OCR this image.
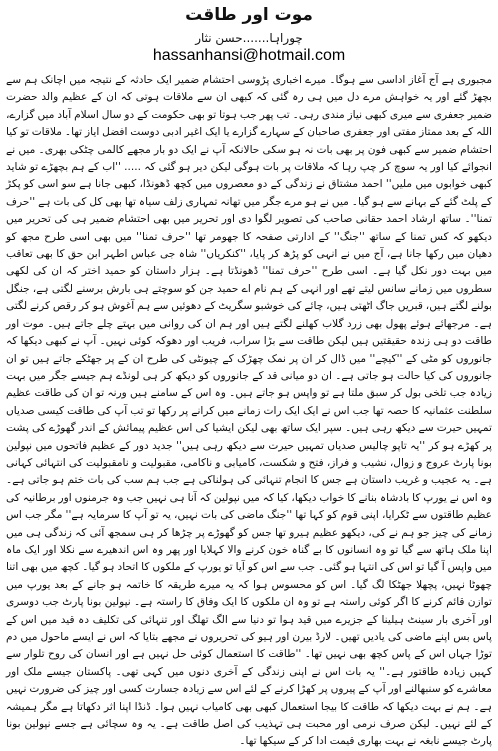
موت اور طاقت
چوراہا.......حسن نثار
hassanhansi@hotmail.com

مجبوری ہے آج آغاز اداسی سے ہوگا۔ میرے اخباری پڑوسی احتشام ضمیر ایک حادثہ کے نتیجہ میں اچانک ہم سے بچھڑ گئے اور یہ خواہش مرے دل میں ہی رہ گئی کہ کبھی ان سے ملاقات ہوتی کہ ان کے عظیم والد حضرت ضمیر جعفری سے میری کبھی نیاز مندی رہی۔ تب پھر جب ہوتا تو بھی حکومت کے دو سال اسلام آباد میں گزارے، اللہ کے بعد ممتاز مفتی اور جعفری صاحبان کے سہارے گزارے یا ایک اغیر ادبی دوست افضل ایاز تھا۔ ملاقات تو کیا احتشام ضمیر سے کبھی فون پر بھی بات نہ ہو سکی حالانکہ آپ نے ایک دو بار مجھے کالمی چٹکی بھری۔ میں نے انجوائے کیا اور یہ سوچ کر چپ رہا کہ ملاقات پر بات ہوگی لیکن دیر ہو گئی کہ ..... ''اب کے ہم بچھڑے تو شاید کبھی خوابوں میں ملیں'' احمد مشتاق نے زندگی کے دو معصروں میں کچھ ڈھونڈا، کبھی جانا ہے سو اسی کو پکڑ کے پلٹ گئے کے بہانے سے ہو گیا۔ میں نے ہو مرے جگر میں تھانہ تمہاری زلف سیاہ تھا بھی کل کی بات ہے ''حرف تمنا''۔ ساتھ ارشاد احمد حقانی صاحب کی تصویر لگوا دی اور تحریر میں بھی احتشام ضمیر ہی کی تحریر میں دیکھو کہ کس تمنا کے ساتھ ''جنگ'' کے ادارتی صفحہ کا جھومر تھا ''حرف تمنا'' میں بھی اسی طرح مجھ کو دھیان میں رکھا جانا ہے، آج میں نے انہی کو پڑھ کر پایا، ''کنکریاں'' شاہ جی عباس اطہر ابن حق کا بھی تعاقب میں بہت دور نکل گیا ہے۔ اسی طرح ''حرف تمنا'' ڈھونڈتا ہے۔ ہزار داستان کو حمید اختر کہ ان کی لکھی سطروں میں زمانے سانس لیتے تھے اور انہی کے ہم نام اے حمید جن کو سوچتے ہی بارش برسنے لگتی ہے، جنگل بولنے لگتے ہیں، قبریں جاگ اٹھتی ہیں، چائے کی خوشبو سگریٹ کے دھوئیں سے ہم آغوش ہو کر رقص کرنے لگتی ہے۔ مرجھائے ہوئے پھول بھی زرد گلاب کھلنے لگتے ہیں اور ہم ان کی روانی میں بہتے چلے جاتے ہیں۔ موت اور طاقت دو ہی زندہ حقیقتیں ہیں لیکن طاقت سے بڑا سراب، فریب اور دھوکہ کوئی نہیں۔ آپ نے کبھی دیکھا کہ جانوروں کو مٹی کے ''کیچے'' میں ڈال کر ان پر نمک چھڑک کے چیونٹی کی طرح ان کے پر جھٹکے جاتے ہیں تو ان جانوروں کی کیا حالت ہو جاتی ہے۔ ان دو میانی قد کے جانوروں کو دیکھ کر ہی لونڈے ہم جیسے جگر میں بہت زیادہ جب تلخی بول کر سبق ملتا ہے تو واپس ہو جاتے ہیں۔ وہ اس کے سامنے ہیں ورنہ تو ان کی طاقت عظیم سلطنت عثمانیہ کا حصہ تھا جب اس نے ایک ایک رات زمانے میں کرانے پر رکھا تو تب آپ کی طاقت کیسی صدیاں تمہیں حیرت سے دیکھ رہی ہیں۔ سپر ایک ساتھ بھی لیکن ایشیا کی اس عظیم پیمائش کے اندر گھوڑے کی پشت پر کھڑے ہو کر ''یہ تاپو چالیس صدیاں تمہیں حیرت سے دیکھ رہی ہیں'' جدید دور کے عظیم فاتحوں میں نپولین بونا پارٹ عروج و زوال، نشیب و فراز، فتح و شکست، کامیابی و ناکامی، مقبولیت و نامقبولیت کی انتہائی کہانی ہے۔ یہ عجیب و غریب داستان ہے جس کا انجام تنہائی کی ہولناکی ہے جب ہم سب کی بات ختم ہو جاتی ہے۔ وہ اس نے یورپ کا بادشاہ بنانے کا خواب دیکھا، کیا کہ میں نپولین کہ آنا ہی نہیں جب وہ جرمنوں اور برطانیہ کی عظیم طاقتوں سے ٹکرایا، اپنی قوم کو کہا تھا ''جنگ ماضی کی بات نہیں، یہ تو آپ کا سرمایہ ہے'' مگر جب اس زمانے کی چیز جو ہم نے کی، دیکھو عظیم ہیرو تھا جس کو گھوڑے پر چڑھا کر ہی سمجھ آئی کہ زندگی ہی میں اپنا ملک ہاتھ سے گیا تو وہ انسانوں کا بے گناہ خون کرنے والا کہلایا اور پھر وہ اس اندھیرے سے نکلا اور ایک ماہ میں واپس آ گیا تو اس کی انتہا ہو گئی۔ جب سے اس کو آیا تو یورپ کے ملکوں کا اتحاد ہو گیا۔ کچھ میں بھی اتنا چھوٹا نہیں، پچھلا جھٹکا لگ گیا۔ اس کو محسوس ہوا کہ یہ میرے طریقہ کا خاتمہ ہو جانے کے بعد یورپ میں توازن قائم کرنے کا اگر کوئی راستہ ہے تو وہ ان ملکوں کا ایک وفاق کا راستہ ہے۔ نپولین بونا پارٹ جب دوسری اور آخری بار سینٹ ہیلینا کے جزیرے میں قید ہوا تو دنیا سے الگ تھلگ اور تنہائی کی تکلیف دہ قید میں اس کے پاس بس اپنے ماضی کی یادیں تھیں۔ لارڈ بیرن اور ہیو کی تحریروں نے مجھے بتایا کہ اس نے ایسے ماحول میں دم توڑا جہاں اس کے پاس کچھ بھی نہیں تھا۔ ''طاقت کا استعمال کوئی حل نہیں ہے اور انسان کی روح تلوار سے کہیں زیادہ طاقتور ہے۔'' یہ بات اس نے اپنی زندگی کے آخری دنوں میں کہی تھی۔ پاکستان جیسے ملک اور معاشرے کو سنبھالنے اور آپ کے پیروں پر کھڑا کرنے کے لئے اس سے زیادہ جسارت کسی اور چیز کی ضرورت نہیں ہے۔ ہم نے بہت دیکھا کہ طاقت کا بیجا استعمال کبھی بھی کامیاب نہیں ہوا۔ ڈنڈا اپنا اثر دکھاتا ہے مگر ہمیشہ کے لئے نہیں۔ لیکن صرف نرمی اور محبت ہی تہذیب کی اصل طاقت ہے۔ یہ وہ سچائی ہے جسے نپولین بونا پارٹ جیسے نابغہ نے بہت بھاری قیمت ادا کر کے سیکھا تھا۔
